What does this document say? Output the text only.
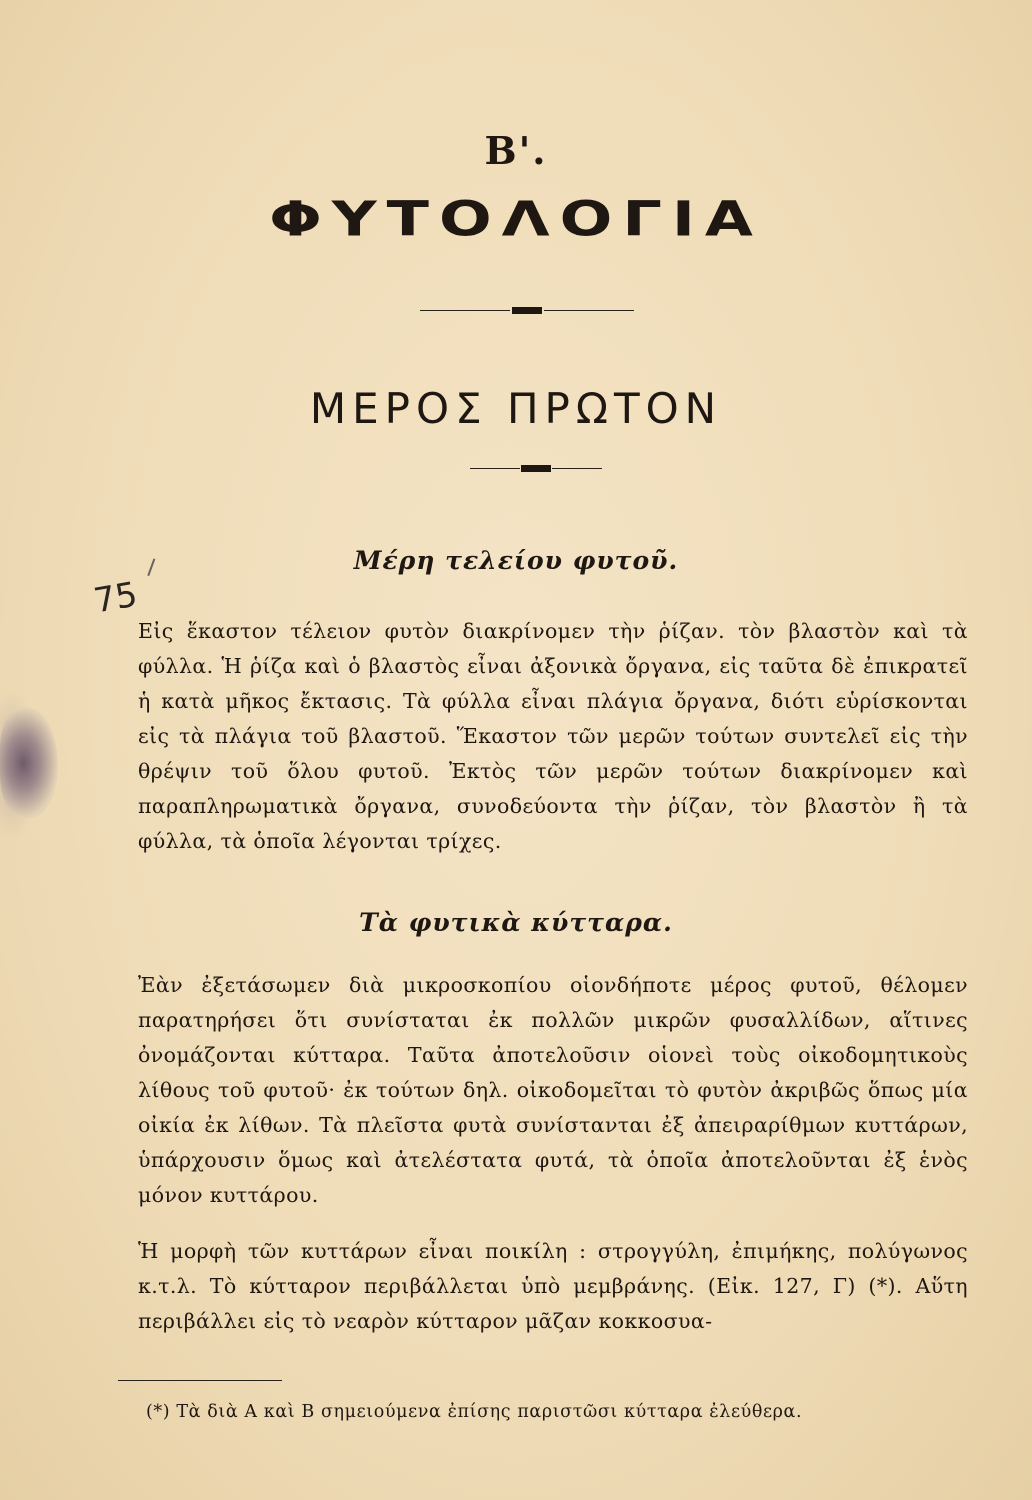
Β'.
ΦΥΤΟΛΟΓΙΑ
ΜΕΡΟΣ ΠΡΩΤΟΝ
75
Μέρη τελείου φυτοῦ.
Εἰς ἕκαστον τέλειον φυτὸν διακρίνομεν τὴν ῥίζαν. τὸν βλαστὸν καὶ τὰ φύλλα. Ἡ ῥίζα καὶ ὁ βλαστὸς εἶναι ἀξονικὰ ὄργανα, εἰς ταῦτα δὲ ἐπικρατεῖ ἡ κατὰ μῆκος ἔκτασις. Τὰ φύλλα εἶναι πλάγια ὄργανα, διότι εὑρίσκονται εἰς τὰ πλάγια τοῦ βλαστοῦ. Ἕκαστον τῶν μερῶν τούτων συντελεῖ εἰς τὴν θρέψιν τοῦ ὅλου φυτοῦ. Ἐκτὸς τῶν μερῶν τούτων διακρίνομεν καὶ παραπληρωματικὰ ὄργανα, συνοδεύοντα τὴν ῥίζαν, τὸν βλαστὸν ἢ τὰ φύλλα, τὰ ὁποῖα λέγονται τρίχες.
Τὰ φυτικὰ κύτταρα.
Ἐὰν ἐξετάσωμεν διὰ μικροσκοπίου οἱονδήποτε μέρος φυτοῦ, θέλομεν παρατηρήσει ὅτι συνίσταται ἐκ πολλῶν μικρῶν φυσαλλίδων, αἵτινες ὀνομάζονται κύτταρα. Ταῦτα ἀποτελοῦσιν οἱονεὶ τοὺς οἰκοδομητικοὺς λίθους τοῦ φυτοῦ· ἐκ τούτων δηλ. οἰκοδομεῖται τὸ φυτὸν ἀκριβῶς ὅπως μία οἰκία ἐκ λίθων. Τὰ πλεῖστα φυτὰ συνίστανται ἐξ ἀπειραρίθμων κυττάρων, ὑπάρχουσιν ὅμως καὶ ἀτελέστατα φυτά, τὰ ὁποῖα ἀποτελοῦνται ἐξ ἑνὸς μόνον κυττάρου.
Ἡ μορφὴ τῶν κυττάρων εἶναι ποικίλη : στρογγύλη, ἐπιμήκης, πολύγωνος κ.τ.λ. Τὸ κύτταρον περιβάλλεται ὑπὸ μεμβράνης. (Εἰκ. 127, Γ) (*). Αὕτη περιβάλλει εἰς τὸ νεαρὸν κύτταρον μᾶζαν κοκκοσυα-
(*) Τὰ διὰ Α καὶ Β σημειούμενα ἐπίσης παριστῶσι κύτταρα ἐλεύθερα.
